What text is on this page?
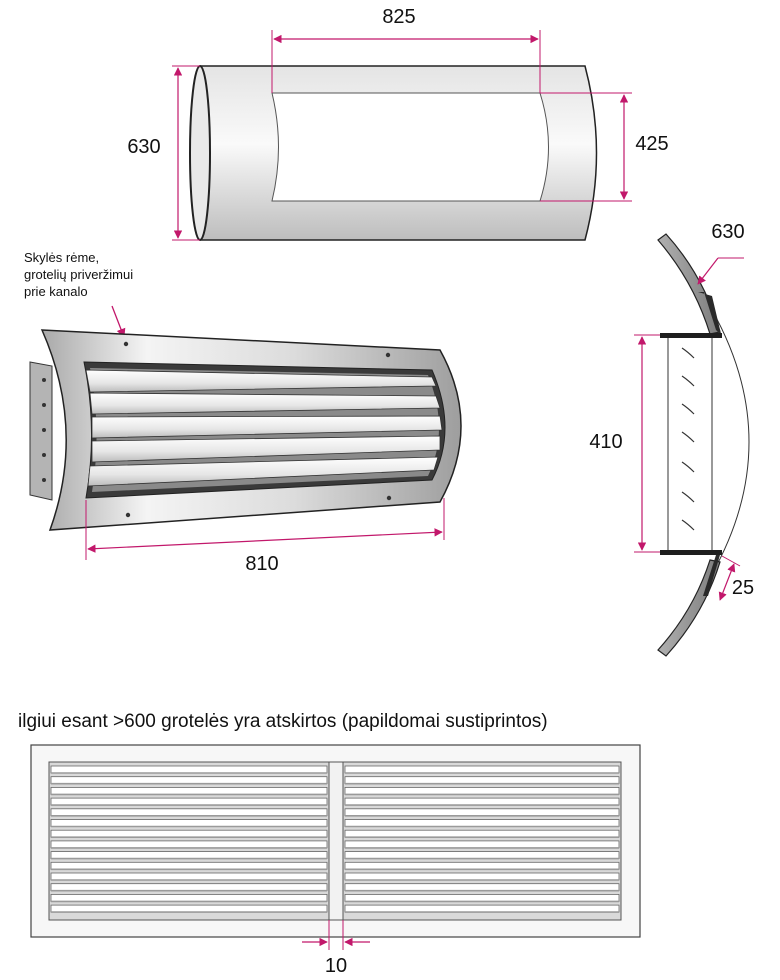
825
630	425
Skylės rėme,
grotelių priveržimui
prie kanalo
810
630
410
25
ilgiui esant >600 grotelės yra atskirtos (papildomai sustiprintos)
10
